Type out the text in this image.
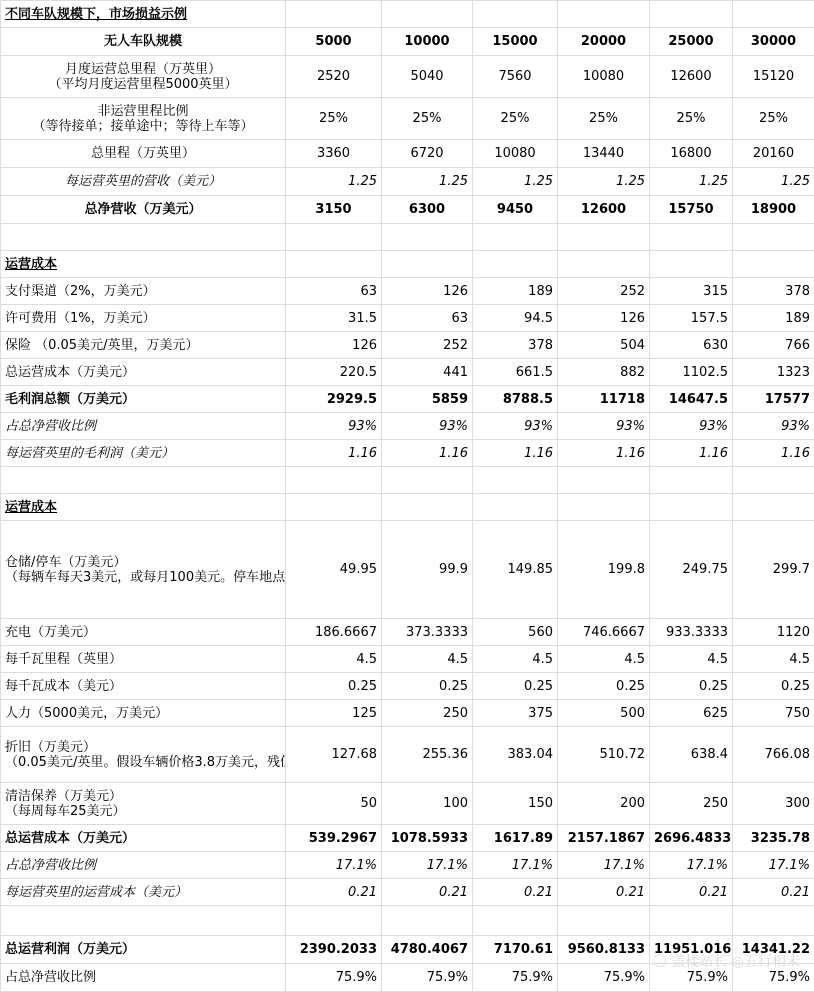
不同车队规模下，市场损益示例						
无人车队规模	5000	10000	15000	20000	25000	30000

月度运营总里程（万英里）
（平均月度运营里程5000英里）	2520	5040	7560	10080	12600	15120

非运营里程比例
（等待接单；接单途中；等待上车等）	25%	25%	25%	25%	25%	25%

总里程（万英里）	3360	6720	10080	13440	16800	20160

每运营英里的营收（美元）	1.25	1.25	1.25	1.25	1.25	1.25

总净营收（万美元）	3150	6300	9450	12600	15750	18900

运营成本						

支付渠道（2%，万美元）	63	126	189	252	315	378

许可费用（1%，万美元）	31.5	63	94.5	126	157.5	189

保险 （0.05美元/英里，万美元）	126	252	378	504	630	766

总运营成本（万美元）	220.5	441	661.5	882	1102.5	1323

毛利润总额（万美元）	2929.5	5859	8788.5	11718	14647.5	17577

占总净营收比例	93%	93%	93%	93%	93%	93%

每运营英里的毛利润（美元）	1.16	1.16	1.16	1.16	1.16	1.16

运营成本						

仓储/停车（万美元）
（每辆车每天3美元，或每月100美元。停车地点	49.95	99.9	149.85	199.8	249.75	299.7

充电（万美元）	186.6667	373.3333	560	746.6667	933.3333	1120

每千瓦里程（英里）	4.5	4.5	4.5	4.5	4.5	4.5

每千瓦成本（美元）	0.25	0.25	0.25	0.25	0.25	0.25

人力（5000美元，万美元）	125	250	375	500	625	750

折旧（万美元）
（0.05美元/英里。假设车辆价格3.8万美元，残	127.68	255.36	383.04	510.72	638.4	766.08

清洁保养（万美元）
（每周每车25美元）	50	100	150	200	250	300

总运营成本（万美元）	539.2967	1078.5933	1617.89	2157.1867	2696.4833	3235.78

占总净营收比例	17.1%	17.1%	17.1%	17.1%	17.1%	17.1%

每运营英里的运营成本（美元）	0.21	0.21	0.21	0.21	0.21	0.21

总运营利润（万美元）	2390.2033	4780.4067	7170.61	9560.8133	11951.0167	14341.22

占总净营收比例	75.9%	75.9%	75.9%	75.9%	75.9%	75.9%
〇 盖楼站长 ◎五行相未
